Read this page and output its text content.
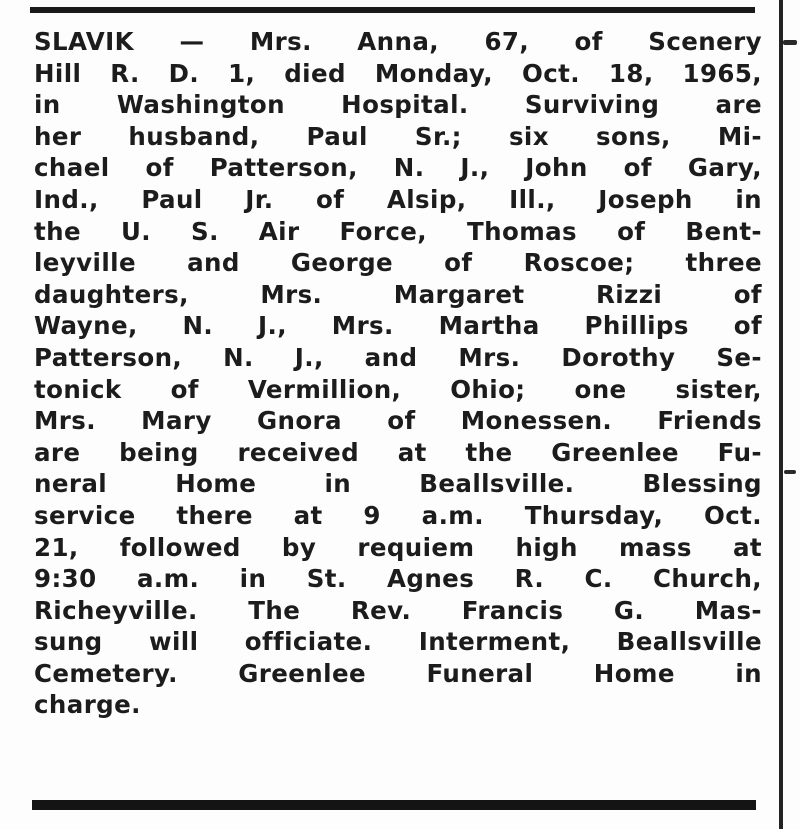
SLAVIK — Mrs. Anna, 67, of Scenery
Hill R. D. 1, died Monday, Oct. 18, 1965,
in Washington Hospital. Surviving are
her husband, Paul Sr.; six sons, Mi-
chael of Patterson, N. J., John of Gary,
Ind., Paul Jr. of Alsip, Ill., Joseph in
the U. S. Air Force, Thomas of Bent-
leyville and George of Roscoe; three
daughters, Mrs. Margaret Rizzi of
Wayne, N. J., Mrs. Martha Phillips of
Patterson, N. J., and Mrs. Dorothy Se-
tonick of Vermillion, Ohio; one sister,
Mrs. Mary Gnora of Monessen. Friends
are being received at the Greenlee Fu-
neral Home in Beallsville. Blessing
service there at 9 a.m. Thursday, Oct.
21, followed by requiem high mass at
9:30 a.m. in St. Agnes R. C. Church,
Richeyville. The Rev. Francis G. Mas-
sung will officiate. Interment, Beallsville
Cemetery. Greenlee Funeral Home in
charge.
